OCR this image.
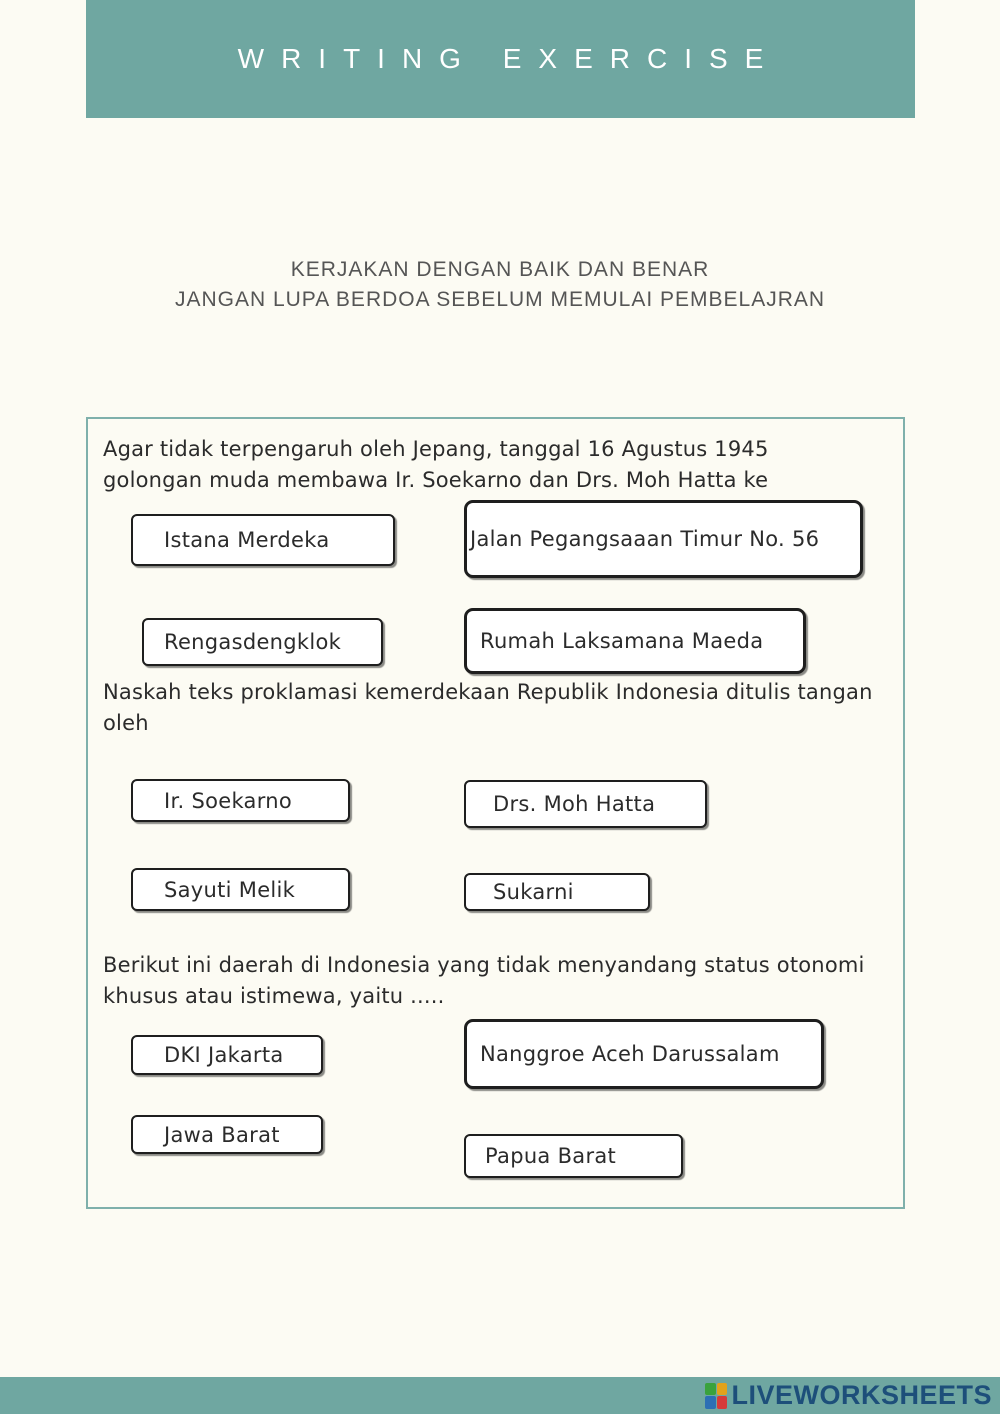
WRITING EXERCISE
KERJAKAN DENGAN BAIK DAN BENAR
JANGAN LUPA BERDOA SEBELUM MEMULAI PEMBELAJRAN
Agar tidak terpengaruh oleh Jepang, tanggal 16 Agustus 1945 golongan muda membawa Ir. Soekarno dan Drs. Moh Hatta ke
Istana Merdeka	Jalan Pegangsaaan Timur No. 56
Rengasdengklok	Rumah Laksamana Maeda
Naskah teks proklamasi kemerdekaan Republik Indonesia ditulis tangan oleh
Ir. Soekarno	Drs. Moh Hatta
Sayuti Melik	Sukarni
Berikut ini daerah di Indonesia yang tidak menyandang status otonomi khusus atau istimewa, yaitu .....
DKI Jakarta	Nanggroe Aceh Darussalam
Jawa Barat
Papua Barat
LIVEWORKSHEETS
